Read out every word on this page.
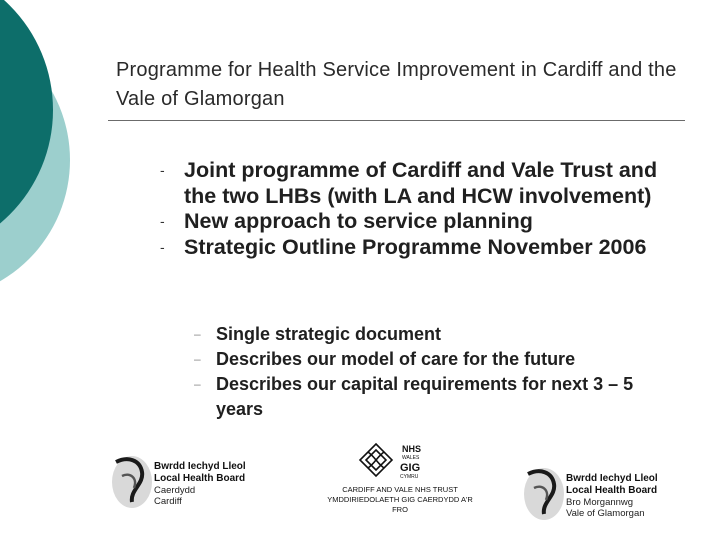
Programme for Health Service Improvement in Cardiff and the Vale of Glamorgan
- Joint programme of Cardiff and Vale Trust and the two LHBs (with LA and HCW involvement)
- New approach to service planning
- Strategic Outline Programme November 2006
– Single strategic document
– Describes our model of care for the future
– Describes our capital requirements for next 3 – 5 years
Bwrdd Iechyd Lleol
Local Health Board
Caerdydd
Cardiff
NHS
WALES
GIG
CYMRU
CARDIFF AND VALE NHS TRUST
YMDDIRIEDOLAETH GIG CAERDYDD A'R
FRO
Bwrdd Iechyd Lleol
Local Health Board
Bro Morgannwg
Vale of Glamorgan
